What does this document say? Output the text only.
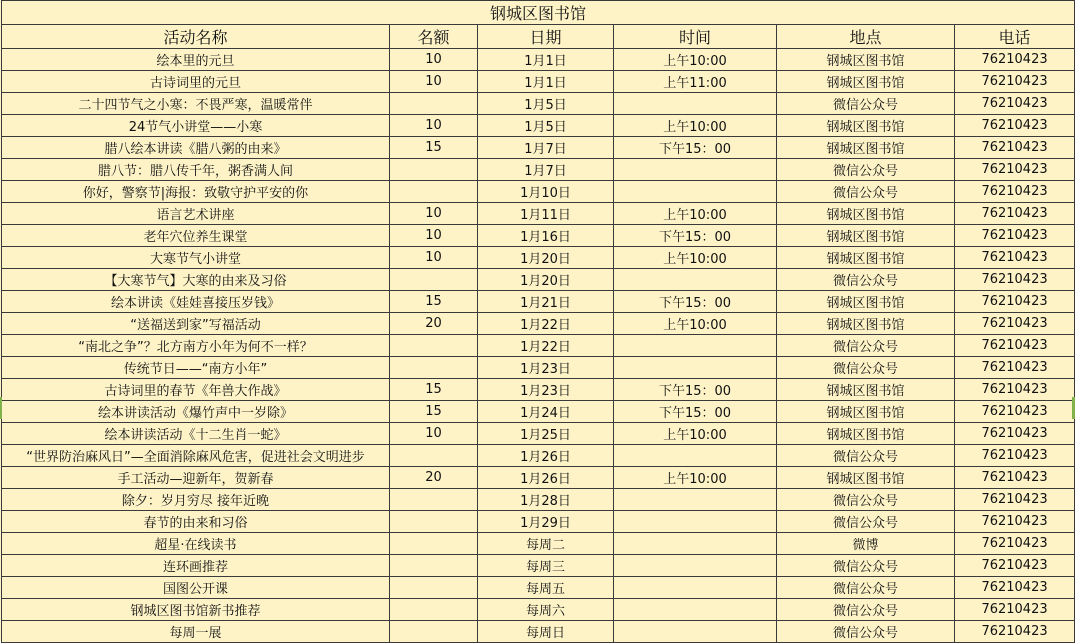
钢城区图书馆					
活动名称	名额	日期	时间	地点	电话
绘本里的元旦	10	1月1日	上午10:00	钢城区图书馆	76210423
古诗词里的元旦	10	1月1日	上午11:00	钢城区图书馆	76210423
二十四节气之小寒：不畏严寒，温暖常伴		1月5日		微信公众号	76210423
24节气小讲堂——小寒	10	1月5日	上午10:00	钢城区图书馆	76210423
腊八绘本讲读《腊八粥的由来》	15	1月7日	下午15：00	钢城区图书馆	76210423
腊八节：腊八传千年，粥香满人间		1月7日		微信公众号	76210423
你好，警察节|海报：致敬守护平安的你		1月10日		微信公众号	76210423
语言艺术讲座	10	1月11日	上午10:00	钢城区图书馆	76210423
老年穴位养生课堂	10	1月16日	下午15：00	钢城区图书馆	76210423
大寒节气小讲堂	10	1月20日	上午10:00	钢城区图书馆	76210423
【大寒节气】大寒的由来及习俗		1月20日		微信公众号	76210423
绘本讲读《娃娃喜接压岁钱》	15	1月21日	下午15：00	钢城区图书馆	76210423
“送福送到家”写福活动	20	1月22日	上午10:00	钢城区图书馆	76210423
“南北之争”？北方南方小年为何不一样？		1月22日		微信公众号	76210423
传统节日——“南方小年”		1月23日		微信公众号	76210423
古诗词里的春节《年兽大作战》	15	1月23日	下午15：00	钢城区图书馆	76210423
绘本讲读活动《爆竹声中一岁除》	15	1月24日	下午15：00	钢城区图书馆	76210423
绘本讲读活动《十二生肖一蛇》	10	1月25日	上午10:00	钢城区图书馆	76210423
“世界防治麻风日”—全面消除麻风危害，促进社会文明进步		1月26日		微信公众号	76210423
手工活动—迎新年，贺新春	20	1月26日	上午10:00	钢城区图书馆	76210423
除夕：岁月穷尽 接年近晚		1月28日		微信公众号	76210423
春节的由来和习俗		1月29日		微信公众号	76210423
超星·在线读书		每周二		微博	76210423
连环画推荐		每周三		微信公众号	76210423
国图公开课		每周五		微信公众号	76210423
钢城区图书馆新书推荐		每周六		微信公众号	76210423
每周一展		每周日		微信公众号	76210423
